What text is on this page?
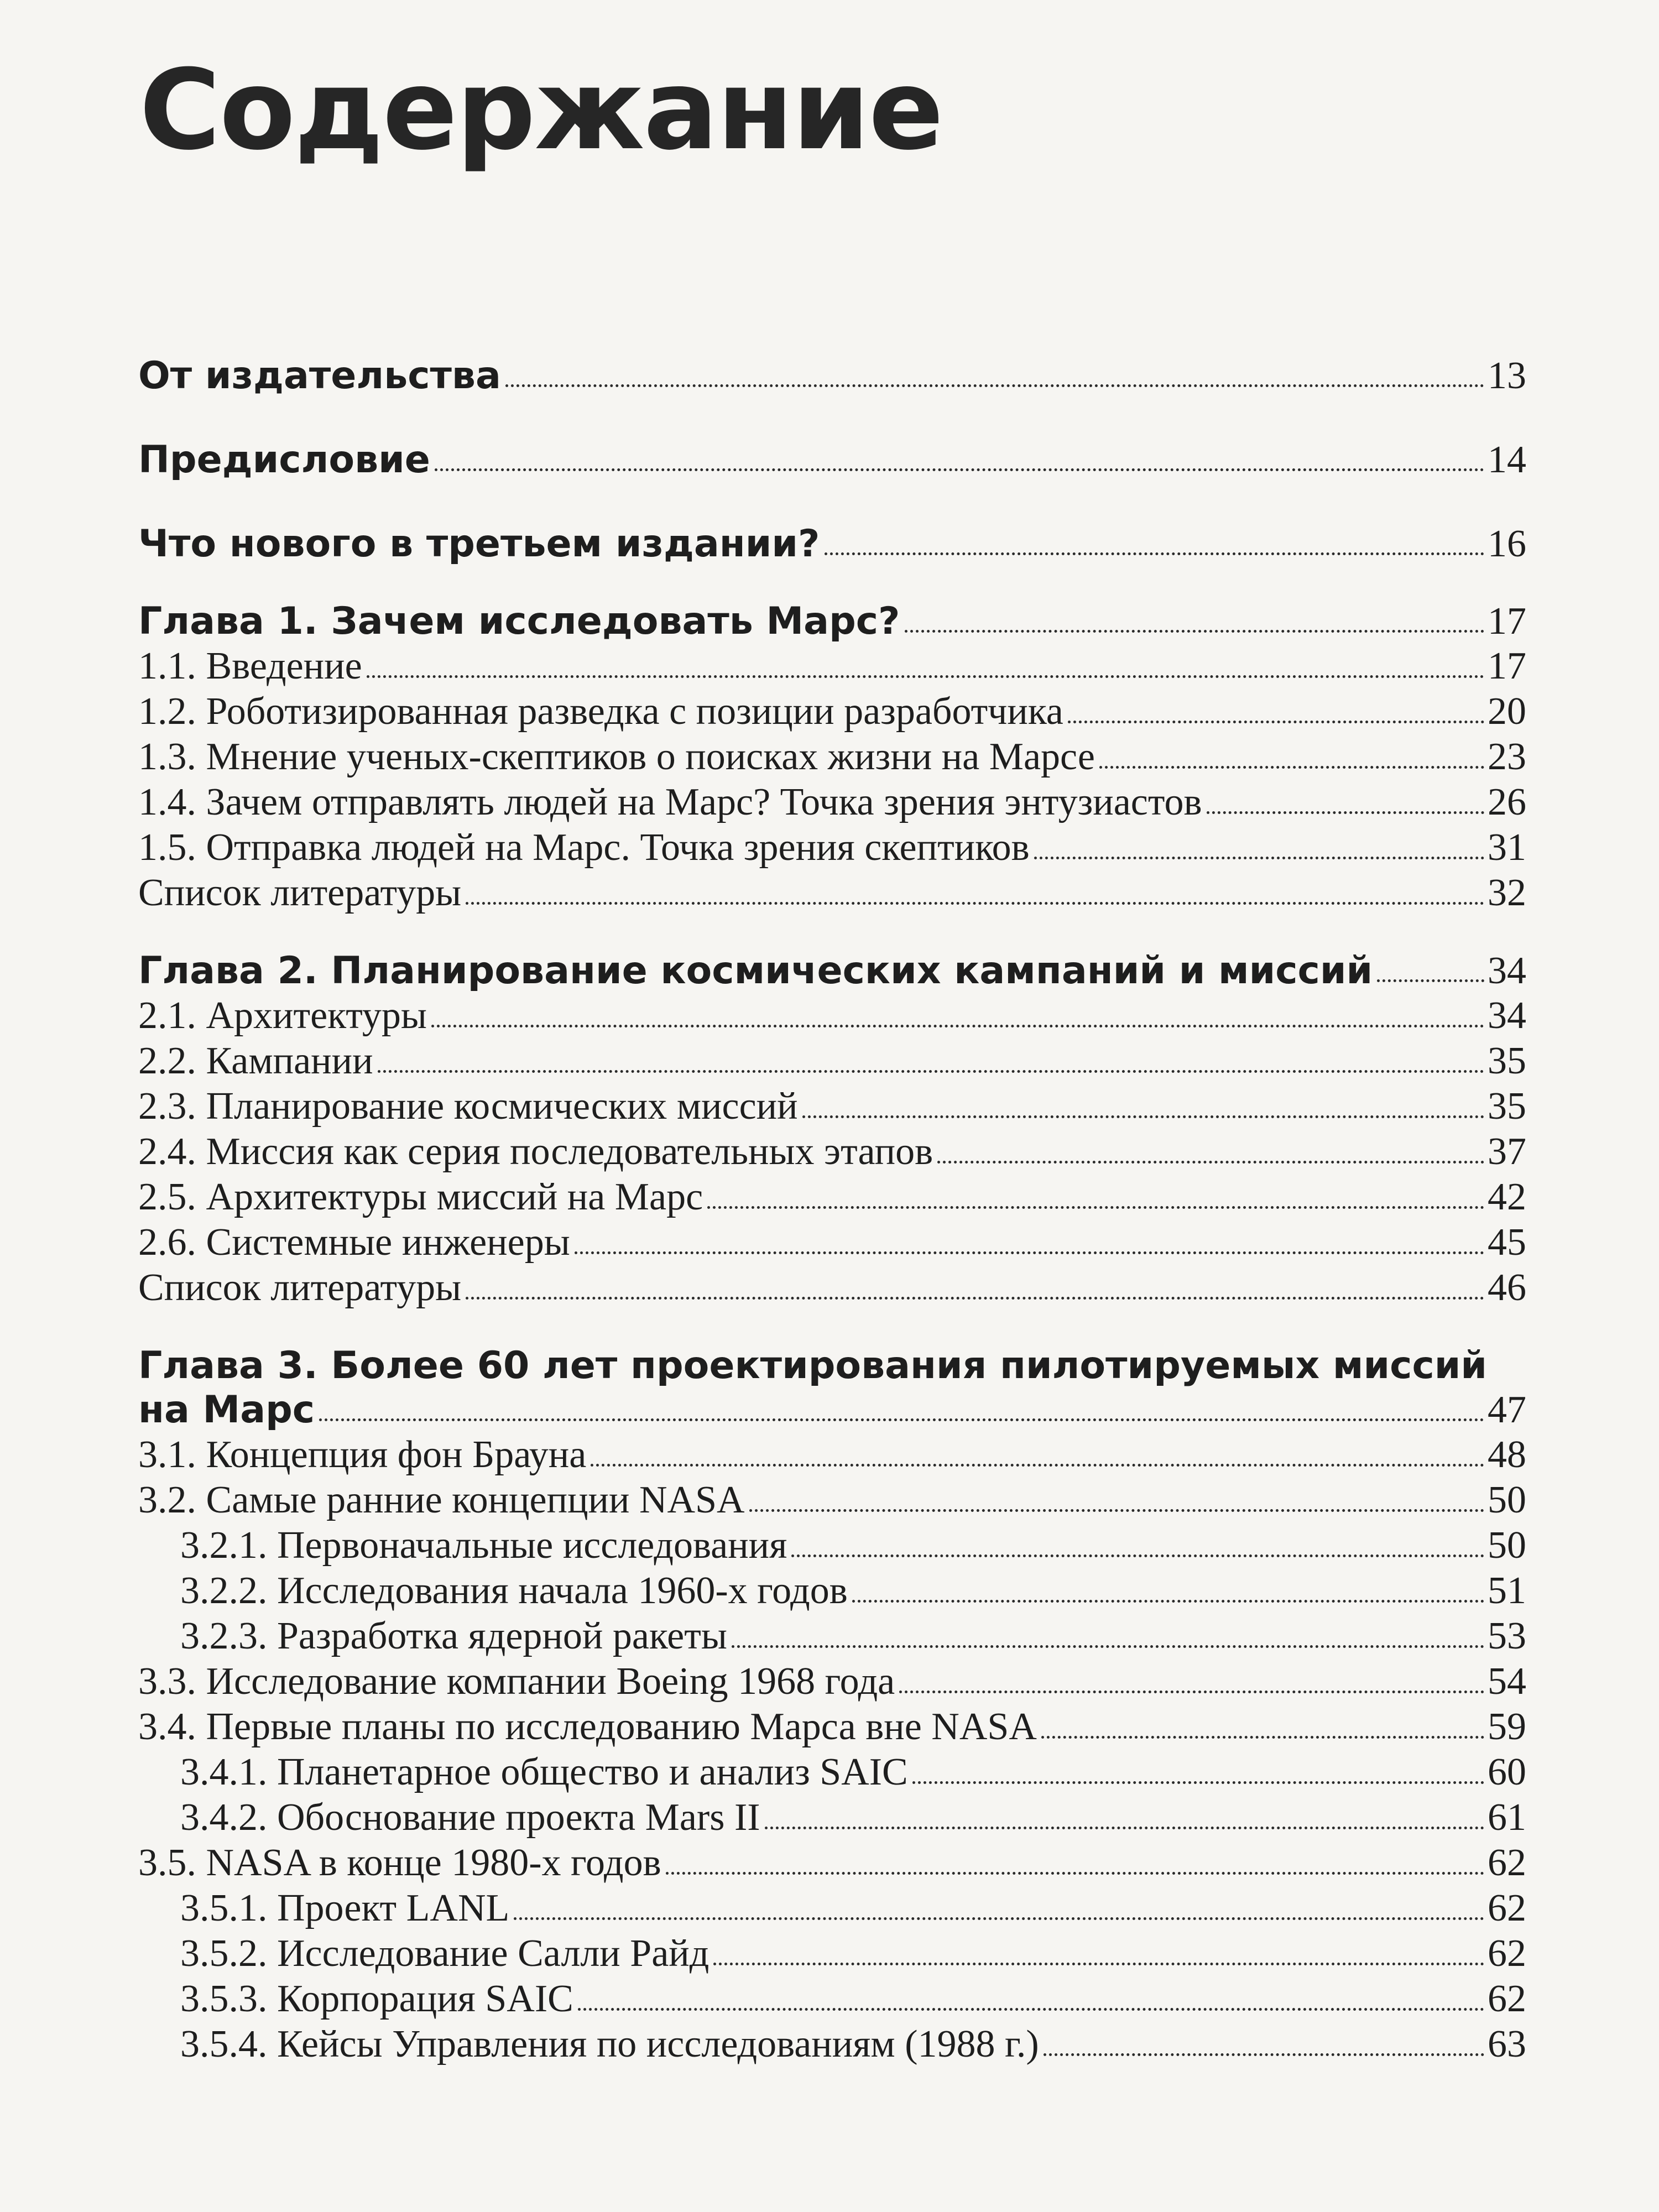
Содержание
От издательства	13
Предисловие	14
Что нового в третьем издании?	16
Глава 1. Зачем исследовать Марс?	17
1.1. Введение	17
1.2. Роботизированная разведка с позиции разработчика	20
1.3. Мнение ученых-скептиков о поисках жизни на Марсе	23
1.4. Зачем отправлять людей на Марс? Точка зрения энтузиастов	26
1.5. Отправка людей на Марс. Точка зрения скептиков	31
Список литературы	32
Глава 2. Планирование космических кампаний и миссий	34
2.1. Архитектуры	34
2.2. Кампании	35
2.3. Планирование космических миссий	35
2.4. Миссия как серия последовательных этапов	37
2.5. Архитектуры миссий на Марс	42
2.6. Системные инженеры	45
Список литературы	46
Глава 3. Более 60 лет проектирования пилотируемых миссий
на Марс	47
3.1. Концепция фон Брауна	48
3.2. Самые ранние концепции NASA	50
3.2.1. Первоначальные исследования	50
3.2.2. Исследования начала 1960-х годов	51
3.2.3. Разработка ядерной ракеты	53
3.3. Исследование компании Boeing 1968 года	54
3.4. Первые планы по исследованию Марса вне NASA	59
3.4.1. Планетарное общество и анализ SAIC	60
3.4.2. Обоснование проекта Mars II	61
3.5. NASA в конце 1980-х годов	62
3.5.1. Проект LANL	62
3.5.2. Исследование Салли Райд	62
3.5.3. Корпорация SAIC	62
3.5.4. Кейсы Управления по исследованиям (1988 г.)	63
